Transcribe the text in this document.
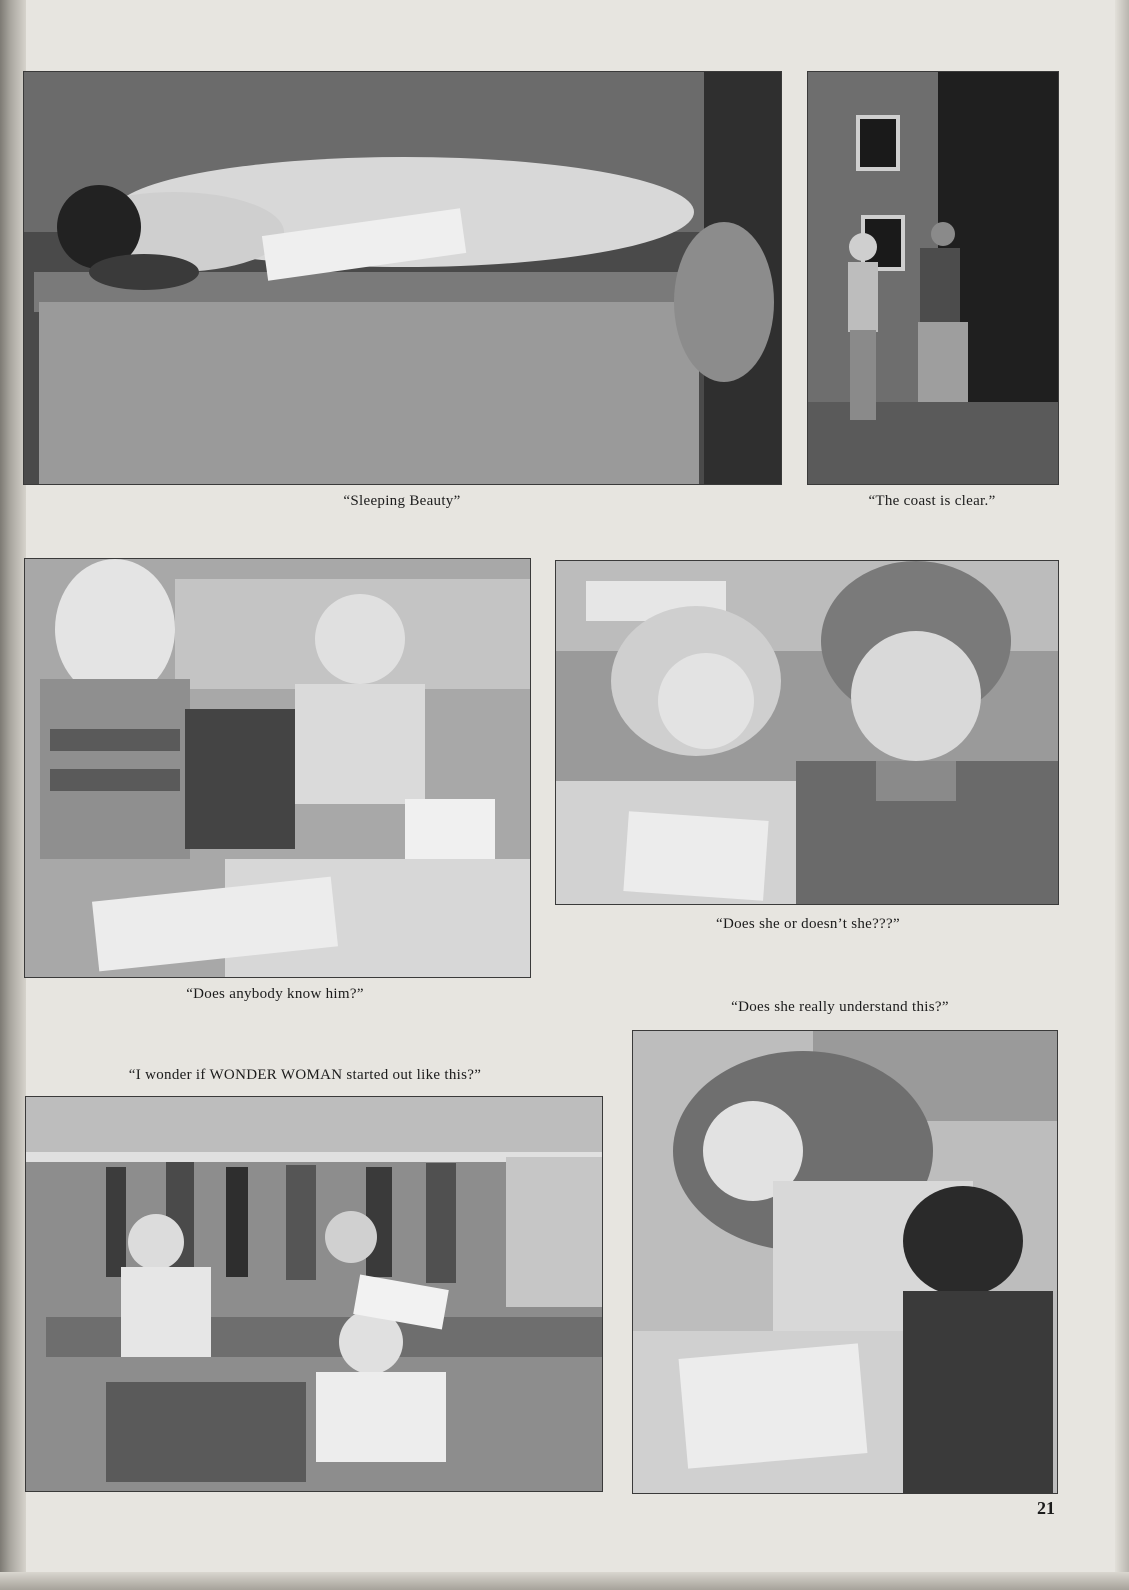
“Sleeping Beauty”	“The coast is clear.”
“Does anybody know him?”
“Does she or doesn’t she???”
“Does she really understand this?”
“I wonder if WONDER WOMAN started out like this?”
21
